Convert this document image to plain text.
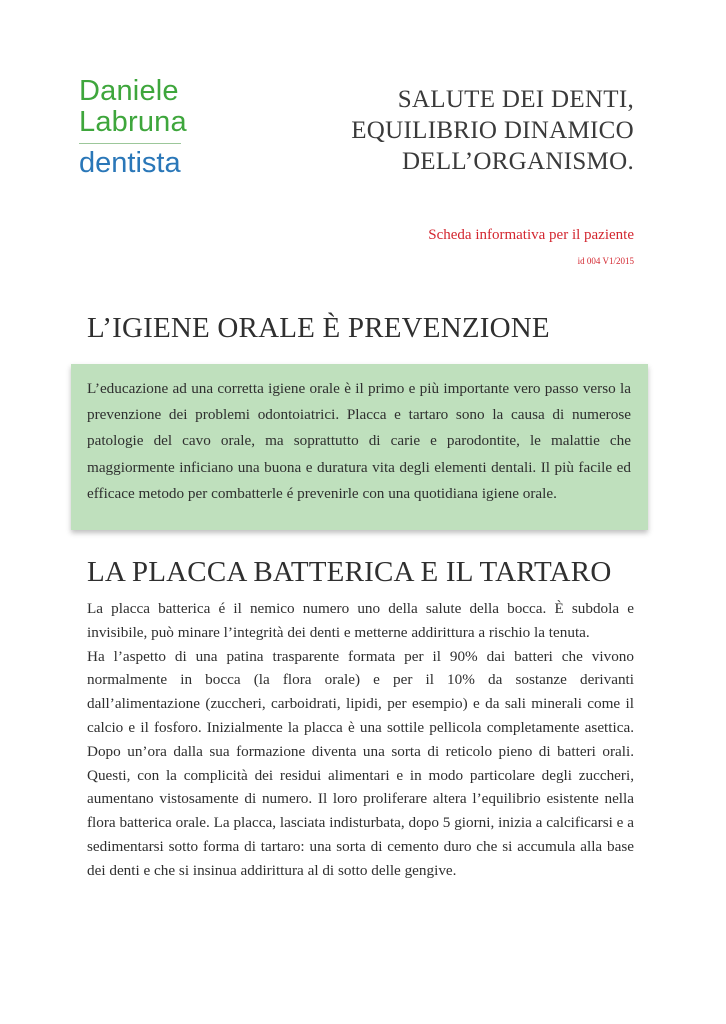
Daniele
Labruna
dentista
SALUTE DEI DENTI,
EQUILIBRIO DINAMICO
DELL’ORGANISMO.
Scheda informativa per il paziente
id 004 V1/2015
L’IGIENE ORALE È PREVENZIONE

L’educazione ad una corretta igiene orale è il primo e più importante vero passo verso la prevenzione dei problemi odontoiatrici. Placca e tartaro sono la causa di numerose patologie del cavo orale, ma soprattutto di carie e parodontite, le malattie che maggiormente inficiano una buona e duratura vita degli elementi dentali. Il più facile ed efficace metodo per combatterle é prevenirle con una quotidiana igiene orale.

LA PLACCA BATTERICA E IL TARTARO

La placca batterica é il nemico numero uno della salute della bocca. È subdola e invisibile, può minare l’integrità dei denti e metterne addirittura a rischio la tenuta.

Ha l’aspetto di una patina trasparente formata per il 90% dai batteri che vivono normalmente in bocca (la flora orale) e per il 10% da sostanze derivanti dall’alimentazione (zuccheri, carboidrati, lipidi, per esempio) e da sali minerali come il calcio e il fosforo. Inizialmente la placca è una sottile pellicola completamente asettica. Dopo un’ora dalla sua formazione diventa una sorta di reticolo pieno di batteri orali. Questi, con la complicità dei residui alimentari e in modo particolare degli zuccheri, aumentano vistosamente di numero. Il loro proliferare altera l’equilibrio esistente nella flora batterica orale. La placca, lasciata indisturbata, dopo 5 giorni, inizia a calcificarsi e a sedimentarsi sotto forma di tartaro: una sorta di cemento duro che si accumula alla base dei denti e che si insinua addirittura al di sotto delle gengive.
